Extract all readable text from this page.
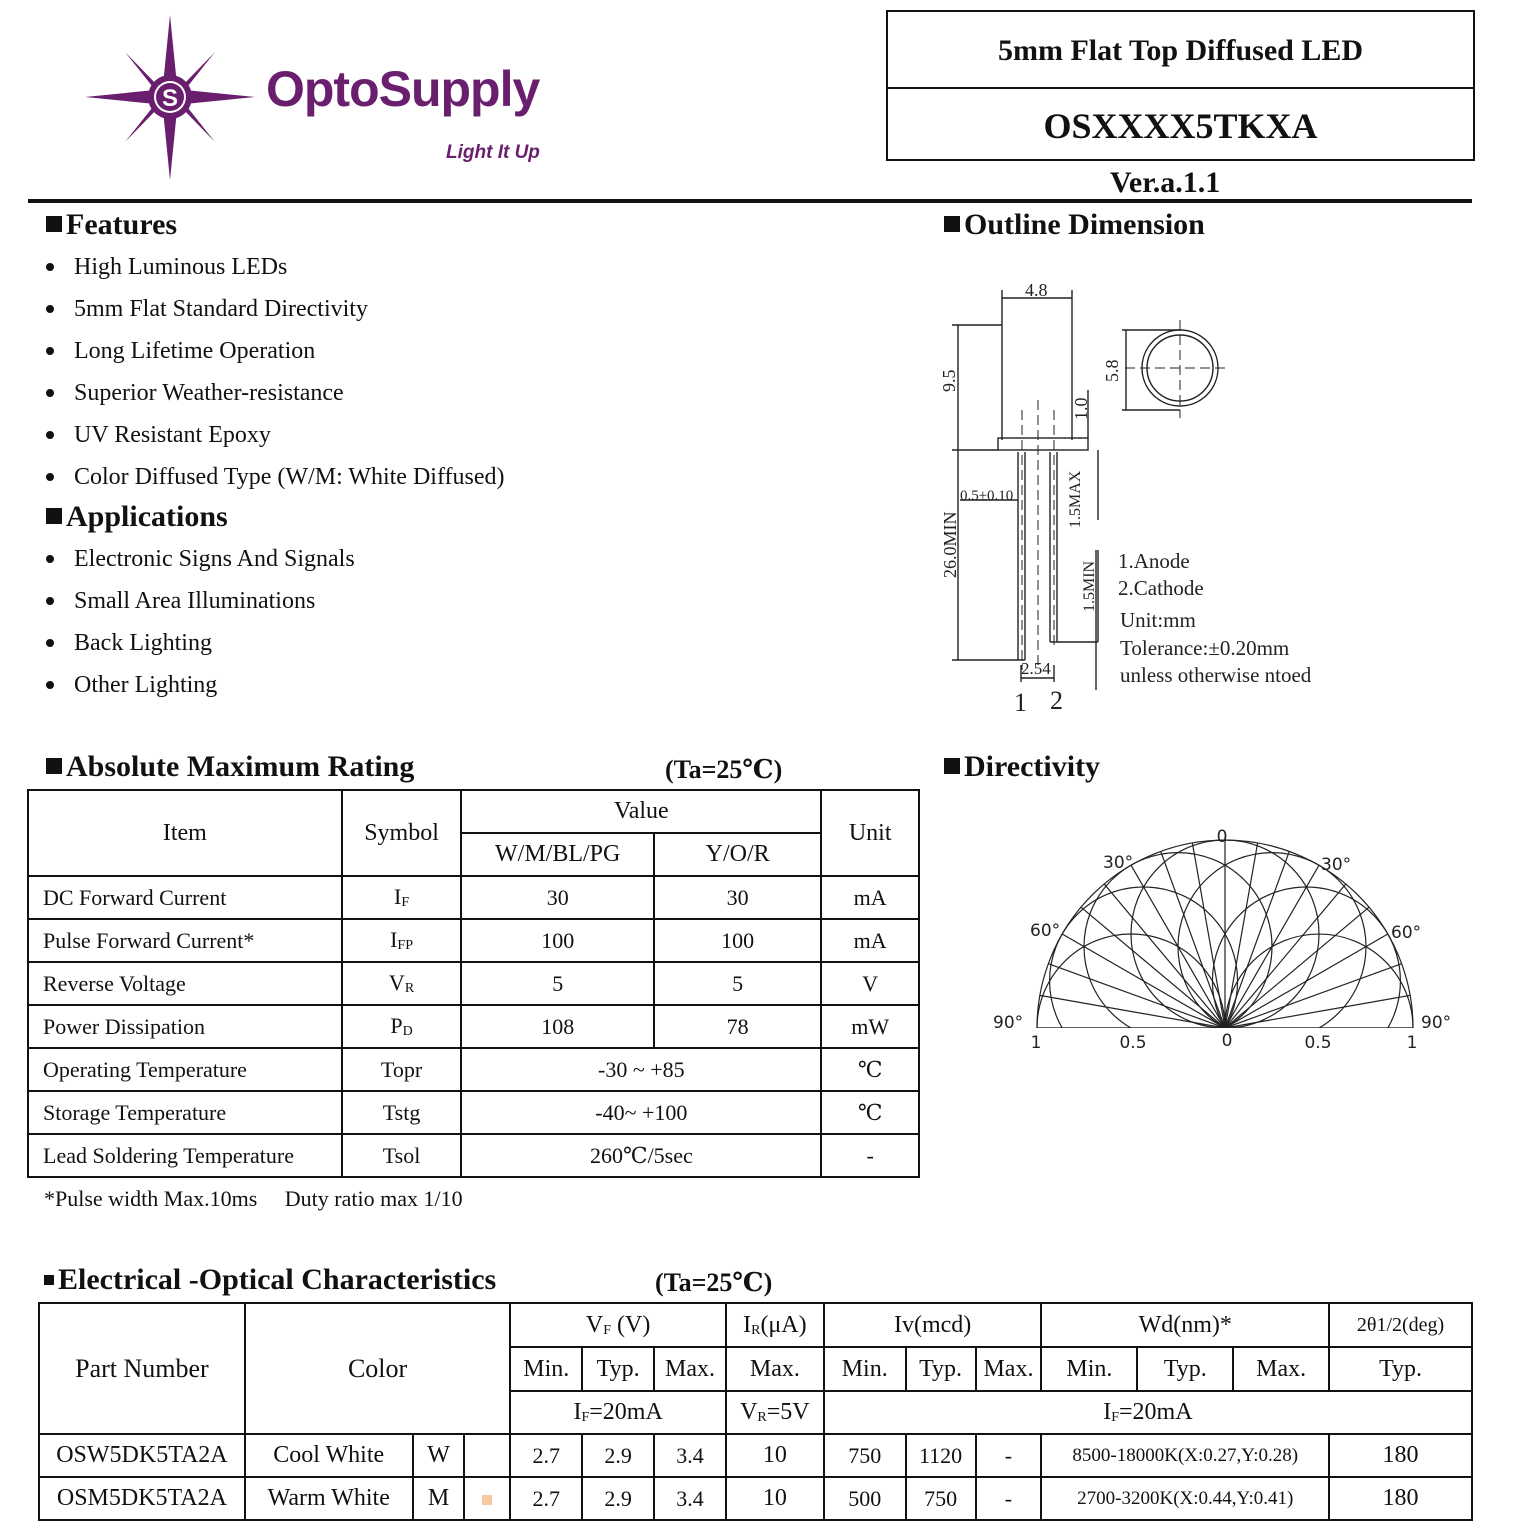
S OptoSupply
Light It Up
5mm Flat Top Diffused LED
OSXXXX5TKXA
Ver.a.1.1
Features
High Luminous LEDs
5mm Flat Standard Directivity
Long Lifetime Operation
Superior Weather-resistance
UV Resistant Epoxy
Color Diffused Type (W/M: White Diffused)
Applications
Electronic Signs And Signals
Small Area Illuminations
Back Lighting
Other Lighting
Outline Dimension
4.8
9.5
1.0
5.8
0.5±0.10	1.5MAX
26.0MIN
1.5MIN
2.54
1 2
1.Anode
2.Cathode
Unit:mm
Tolerance:±0.20mm
unless otherwise ntoed
Absolute Maximum Rating	(Ta=25℃)
Item	Symbol	Value		Unit
		W/M/BL/PG	Y/O/R	
DC Forward Current	$I_F$	30	30	mA
Pulse Forward Current*	$I_{FP}$	100	100	mA
Reverse Voltage	$V_R$	5	5	V
Power Dissipation	$P_D$	108	78	mW
Operating Temperature	Topr	-30 ~ +85		℃
Storage Temperature	Tstg	-40~ +100		℃
Lead Soldering Temperature	Tsol	260℃/5sec		-
*Pulse width Max.10ms     Duty ratio max 1/10
Directivity
0
30°	30°
60°	60°
90°	90°
1	0.5	0	0.5	1
Electrical -Optical Characteristics	(Ta=25℃)
Part Number	Color			$V_F$ (V)			$I_R(\mu A)$	Iv(mcd)			Wd(nm)*			2θ1/2(deg)
				Min.	Typ.	Max.	Max.	Min.	Typ.	Max.	Min.	Typ.	Max.	Typ.
				$I_F=20mA$			$V_R=5V$	$I_F=20mA$						
OSW5DK5TA2A	Cool White	W		2.7	2.9	3.4	10	750	1120	-	8500-18000K(X:0.27,Y:0.28)			180
OSM5DK5TA2A	Warm White	M		2.7	2.9	3.4	10	500	750	-	2700-3200K(X:0.44,Y:0.41)			180
